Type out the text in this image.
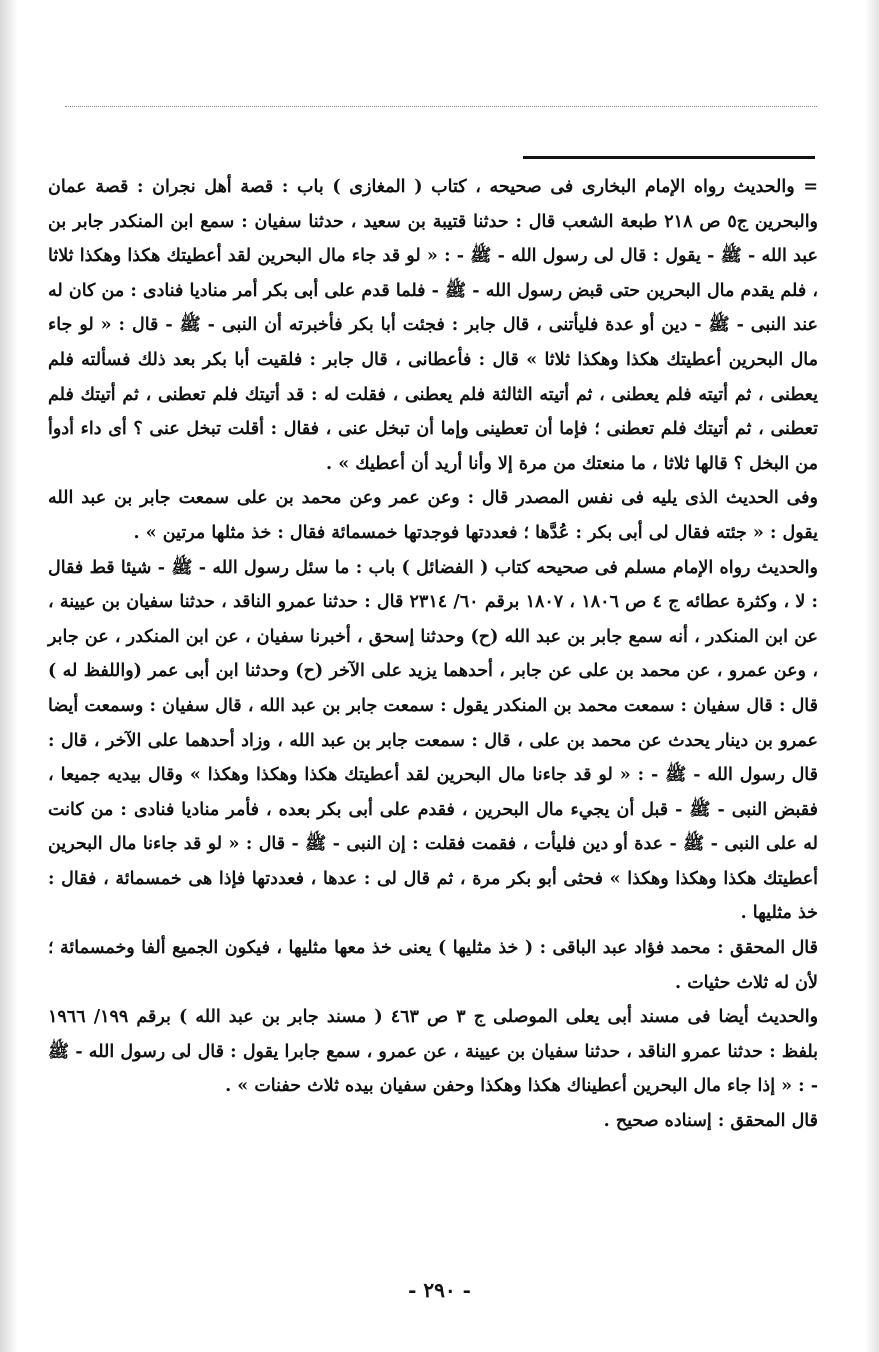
= والحديث رواه الإمام البخارى فى صحيحه ، كتاب ( المغازى ) باب : قصة أهل نجران : قصة عمان والبحرين ج٥ ص ٢١٨ طبعة الشعب قال : حدثنا قتيبة بن سعيد ، حدثنا سفيان : سمع ابن المنكدر جابر بن عبد الله - ﷺ - يقول : قال لى رسول الله - ﷺ - : « لو قد جاء مال البحرين لقد أعطيتك هكذا وهكذا ثلاثا ، فلم يقدم مال البحرين حتى قبض رسول الله - ﷺ - فلما قدم على أبى بكر أمر مناديا فنادى : من كان له عند النبى - ﷺ - دين أو عدة فليأتنى ، قال جابر : فجئت أبا بكر فأخبرته أن النبى - ﷺ - قال : « لو جاء مال البحرين أعطيتك هكذا وهكذا ثلاثا » قال : فأعطانى ، قال جابر : فلقيت أبا بكر بعد ذلك فسألته فلم يعطنى ، ثم أتيته فلم يعطنى ، ثم أتيته الثالثة فلم يعطنى ، فقلت له : قد أتيتك فلم تعطنى ، ثم أتيتك فلم تعطنى ، ثم أتيتك فلم تعطنى ؛ فإما أن تعطينى وإما أن تبخل عنى ، فقال : أقلت تبخل عنى ؟ أى داء أدوأ من البخل ؟ قالها ثلاثا ، ما منعتك من مرة إلا وأنا أريد أن أعطيك » .

وفى الحديث الذى يليه فى نفس المصدر قال : وعن عمر وعن محمد بن على سمعت جابر بن عبد الله يقول : « جئته فقال لى أبى بكر : عُدَّها ؛ فعددتها فوجدتها خمسمائة فقال : خذ مثلها مرتين » .

والحديث رواه الإمام مسلم فى صحيحه كتاب ( الفضائل ) باب : ما سئل رسول الله - ﷺ - شيئا قط فقال : لا ، وكثرة عطائه ج ٤ ص ١٨٠٦ ، ١٨٠٧ برقم ٦٠/ ٢٣١٤ قال : حدثنا عمرو الناقد ، حدثنا سفيان بن عيينة ، عن ابن المنكدر ، أنه سمع جابر بن عبد الله (ح) وحدثنا إسحق ، أخبرنا سفيان ، عن ابن المنكدر ، عن جابر ، وعن عمرو ، عن محمد بن على عن جابر ، أحدهما يزيد على الآخر (ح) وحدثنا ابن أبى عمر (واللفظ له ) قال : قال سفيان : سمعت محمد بن المنكدر يقول : سمعت جابر بن عبد الله ، قال سفيان : وسمعت أيضا عمرو بن دينار يحدث عن محمد بن على ، قال : سمعت جابر بن عبد الله ، وزاد أحدهما على الآخر ، قال : قال رسول الله - ﷺ - : « لو قد جاءنا مال البحرين لقد أعطيتك هكذا وهكذا وهكذا » وقال بيديه جميعا ، فقبض النبى - ﷺ - قبل أن يجيء مال البحرين ، فقدم على أبى بكر بعده ، فأمر مناديا فنادى : من كانت له على النبى - ﷺ - عدة أو دين فليأت ، فقمت فقلت : إن النبى - ﷺ - قال : « لو قد جاءنا مال البحرين أعطيتك هكذا وهكذا وهكذا » فحثى أبو بكر مرة ، ثم قال لى : عدها ، فعددتها فإذا هى خمسمائة ، فقال : خذ مثليها .

قال المحقق : محمد فؤاد عبد الباقى : ( خذ مثليها ) يعنى خذ معها مثليها ، فيكون الجميع ألفا وخمسمائة ؛ لأن له ثلاث حثيات .

والحديث أيضا فى مسند أبى يعلى الموصلى ج ٣ ص ٤٦٣ ( مسند جابر بن عبد الله ) برقم ١٩٩/ ١٩٦٦ بلفظ : حدثنا عمرو الناقد ، حدثنا سفيان بن عيينة ، عن عمرو ، سمع جابرا يقول : قال لى رسول الله - ﷺ - : « إذا جاء مال البحرين أعطيناك هكذا وهكذا وحفن سفيان بيده ثلاث حفنات » .

قال المحقق : إسناده صحيح .

- ٢٩٠ -
